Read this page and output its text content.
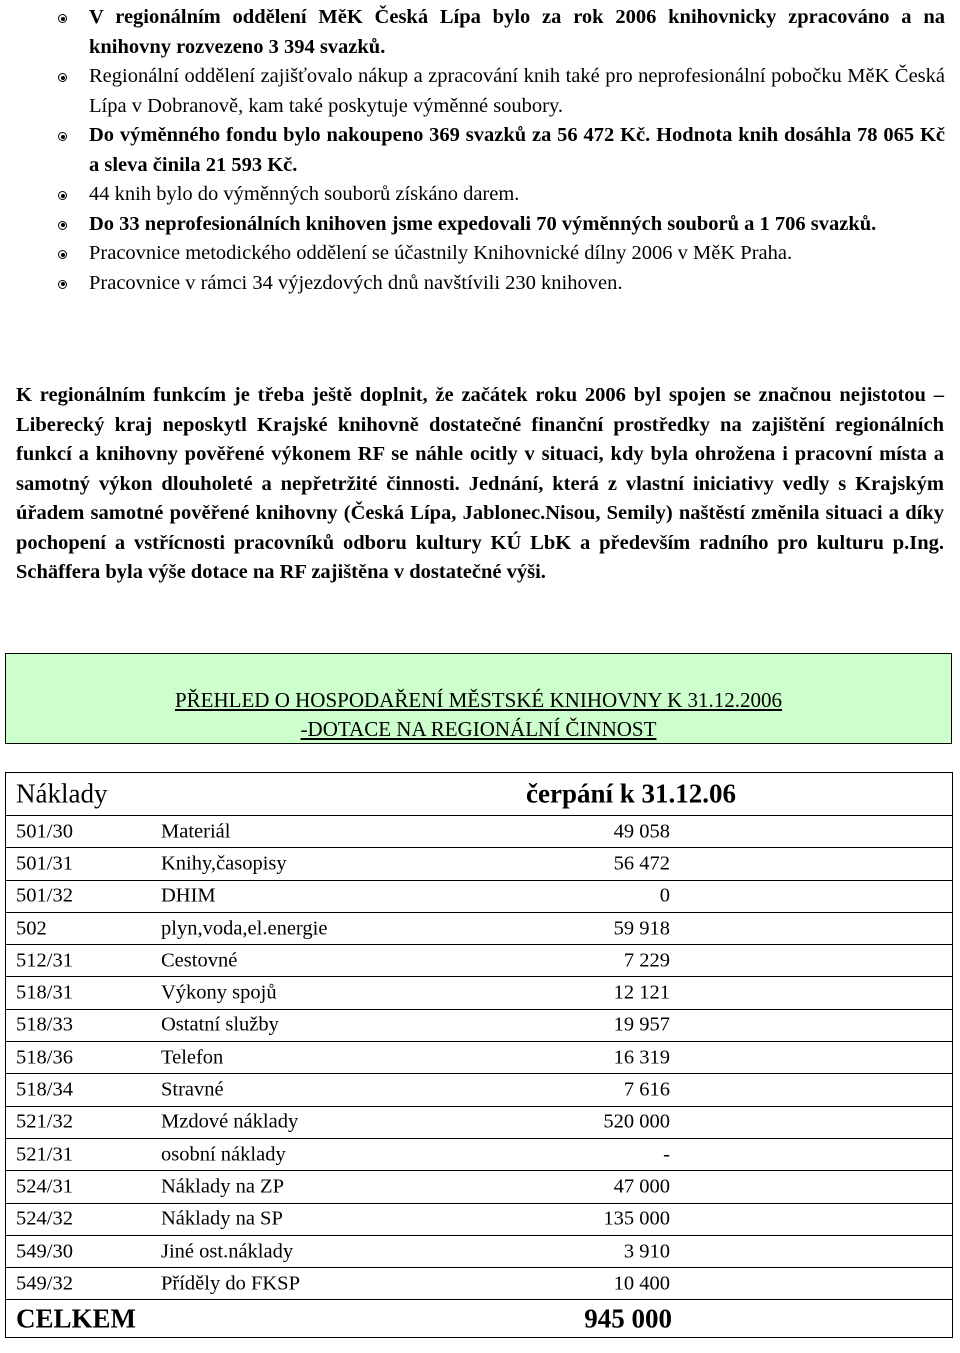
V regionálním oddělení MěK Česká Lípa bylo za rok 2006 knihovnicky zpracováno a na knihovny rozvezeno 3 394 svazků.
Regionální oddělení zajišťovalo nákup a zpracování knih také pro neprofesionální pobočku MěK Česká Lípa v Dobranově, kam také poskytuje výměnné soubory.
Do výměnného fondu bylo nakoupeno 369 svazků za 56 472 Kč. Hodnota knih dosáhla 78 065 Kč a sleva činila 21 593 Kč.
44 knih bylo do výměnných souborů získáno darem.
Do 33 neprofesionálních knihoven jsme expedovali 70 výměnných souborů a 1 706 svazků.
Pracovnice metodického oddělení se účastnily Knihovnické dílny 2006 v MěK Praha.
Pracovnice v rámci 34 výjezdových dnů navštívili 230 knihoven.

K regionálním funkcím je třeba ještě doplnit, že začátek roku 2006 byl spojen se značnou nejistotou – Liberecký kraj neposkytl Krajské knihovně dostatečné finanční prostředky na zajištění regionálních funkcí a knihovny pověřené výkonem RF se náhle ocitly v situaci, kdy byla ohrožena i pracovní místa a samotný výkon dlouholeté a nepřetržité činnosti. Jednání, která z vlastní iniciativy vedly s Krajským úřadem samotné pověřené knihovny (Česká Lípa, Jablonec.Nisou, Semily) naštěstí změnila situaci a díky pochopení a vstřícnosti pracovníků odboru kultury KÚ LbK a především radního pro kulturu p.Ing. Schäffera byla výše dotace na RF zajištěna v dostatečné výši.

PŘEHLED O HOSPODAŘENÍ MĚSTSKÉ KNIHOVNY K 31.12.2006
-DOTACE NA REGIONÁLNÍ ČINNOST
Náklady	čerpání k 31.12.06

501/30	Materiál	49 058

501/31	Knihy,časopisy	56 472

501/32	DHIM	0

502	plyn,voda,el.energie	59 918

512/31	Cestovné	7 229

518/31	Výkony spojů	12 121

518/33	Ostatní služby	19 957

518/36	Telefon	16 319

518/34	Stravné	7 616

521/32	Mzdové náklady	520 000

521/31	osobní náklady	-

524/31	Náklady na ZP	47 000

524/32	Náklady na SP	135 000

549/30	Jiné ost.náklady	3 910

549/32	Příděly do FKSP	10 400

CELKEM	945 000
